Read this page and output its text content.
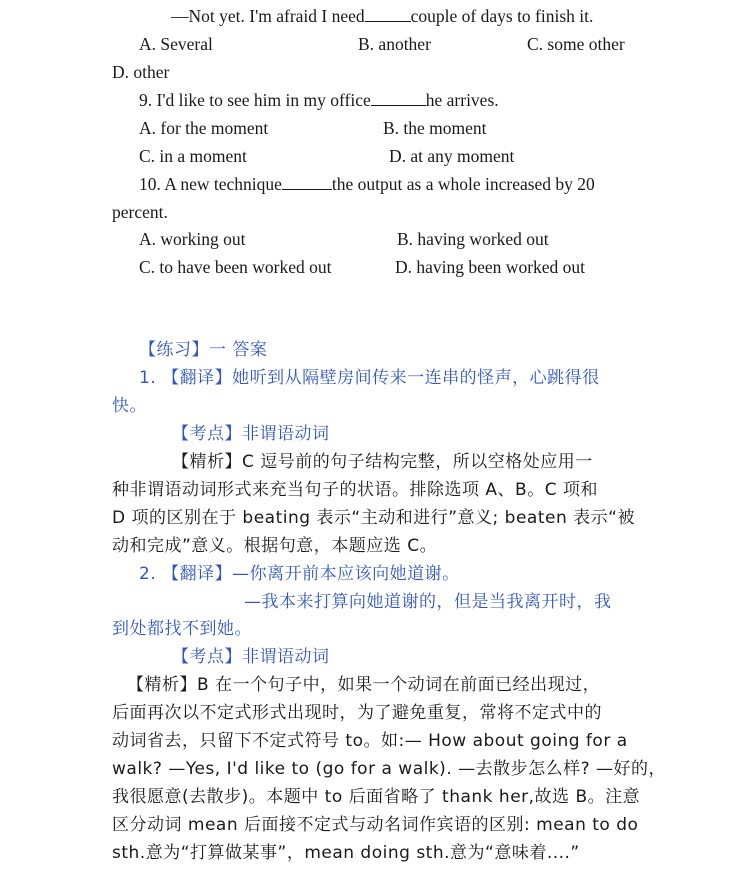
—Not yet. I'm afraid I need	couple of days to finish it.
A. Several	B. another	C. some other
D. other
9. I'd like to see him in my office	he arrives.
A. for the moment	B. the moment
C. in a moment	D. at any moment
10. A new technique	the output as a whole increased by 20
percent.
A. working out	B. having worked out
C. to have been worked out	D. having been worked out
【练习】一 答案
1. 【翻译】她听到从隔壁房间传来一连串的怪声，心跳得很
快。
【考点】非谓语动词
【精析】C 逗号前的句子结构完整，所以空格处应用一
种非谓语动词形式来充当句子的状语。排除选项 A、B。C 项和
D 项的区别在于 beating 表示“主动和进行”意义; beaten 表示“被
动和完成”意义。根据句意，本题应选 C。
2. 【翻译】—你离开前本应该向她道谢。
—我本来打算向她道谢的，但是当我离开时，我
到处都找不到她。
【考点】非谓语动词
【精析】B 在一个句子中，如果一个动词在前面已经出现过，
后面再次以不定式形式出现时，为了避免重复，常将不定式中的
动词省去，只留下不定式符号 to。如:— How about going for a
walk? —Yes, I'd like to (go for a walk). —去散步怎么样? —好的，
我很愿意(去散步)。本题中 to 后面省略了 thank her,故选 B。注意
区分动词 mean 后面接不定式与动名词作宾语的区别: mean to do
sth.意为“打算做某事”，mean doing sth.意为“意味着....”
